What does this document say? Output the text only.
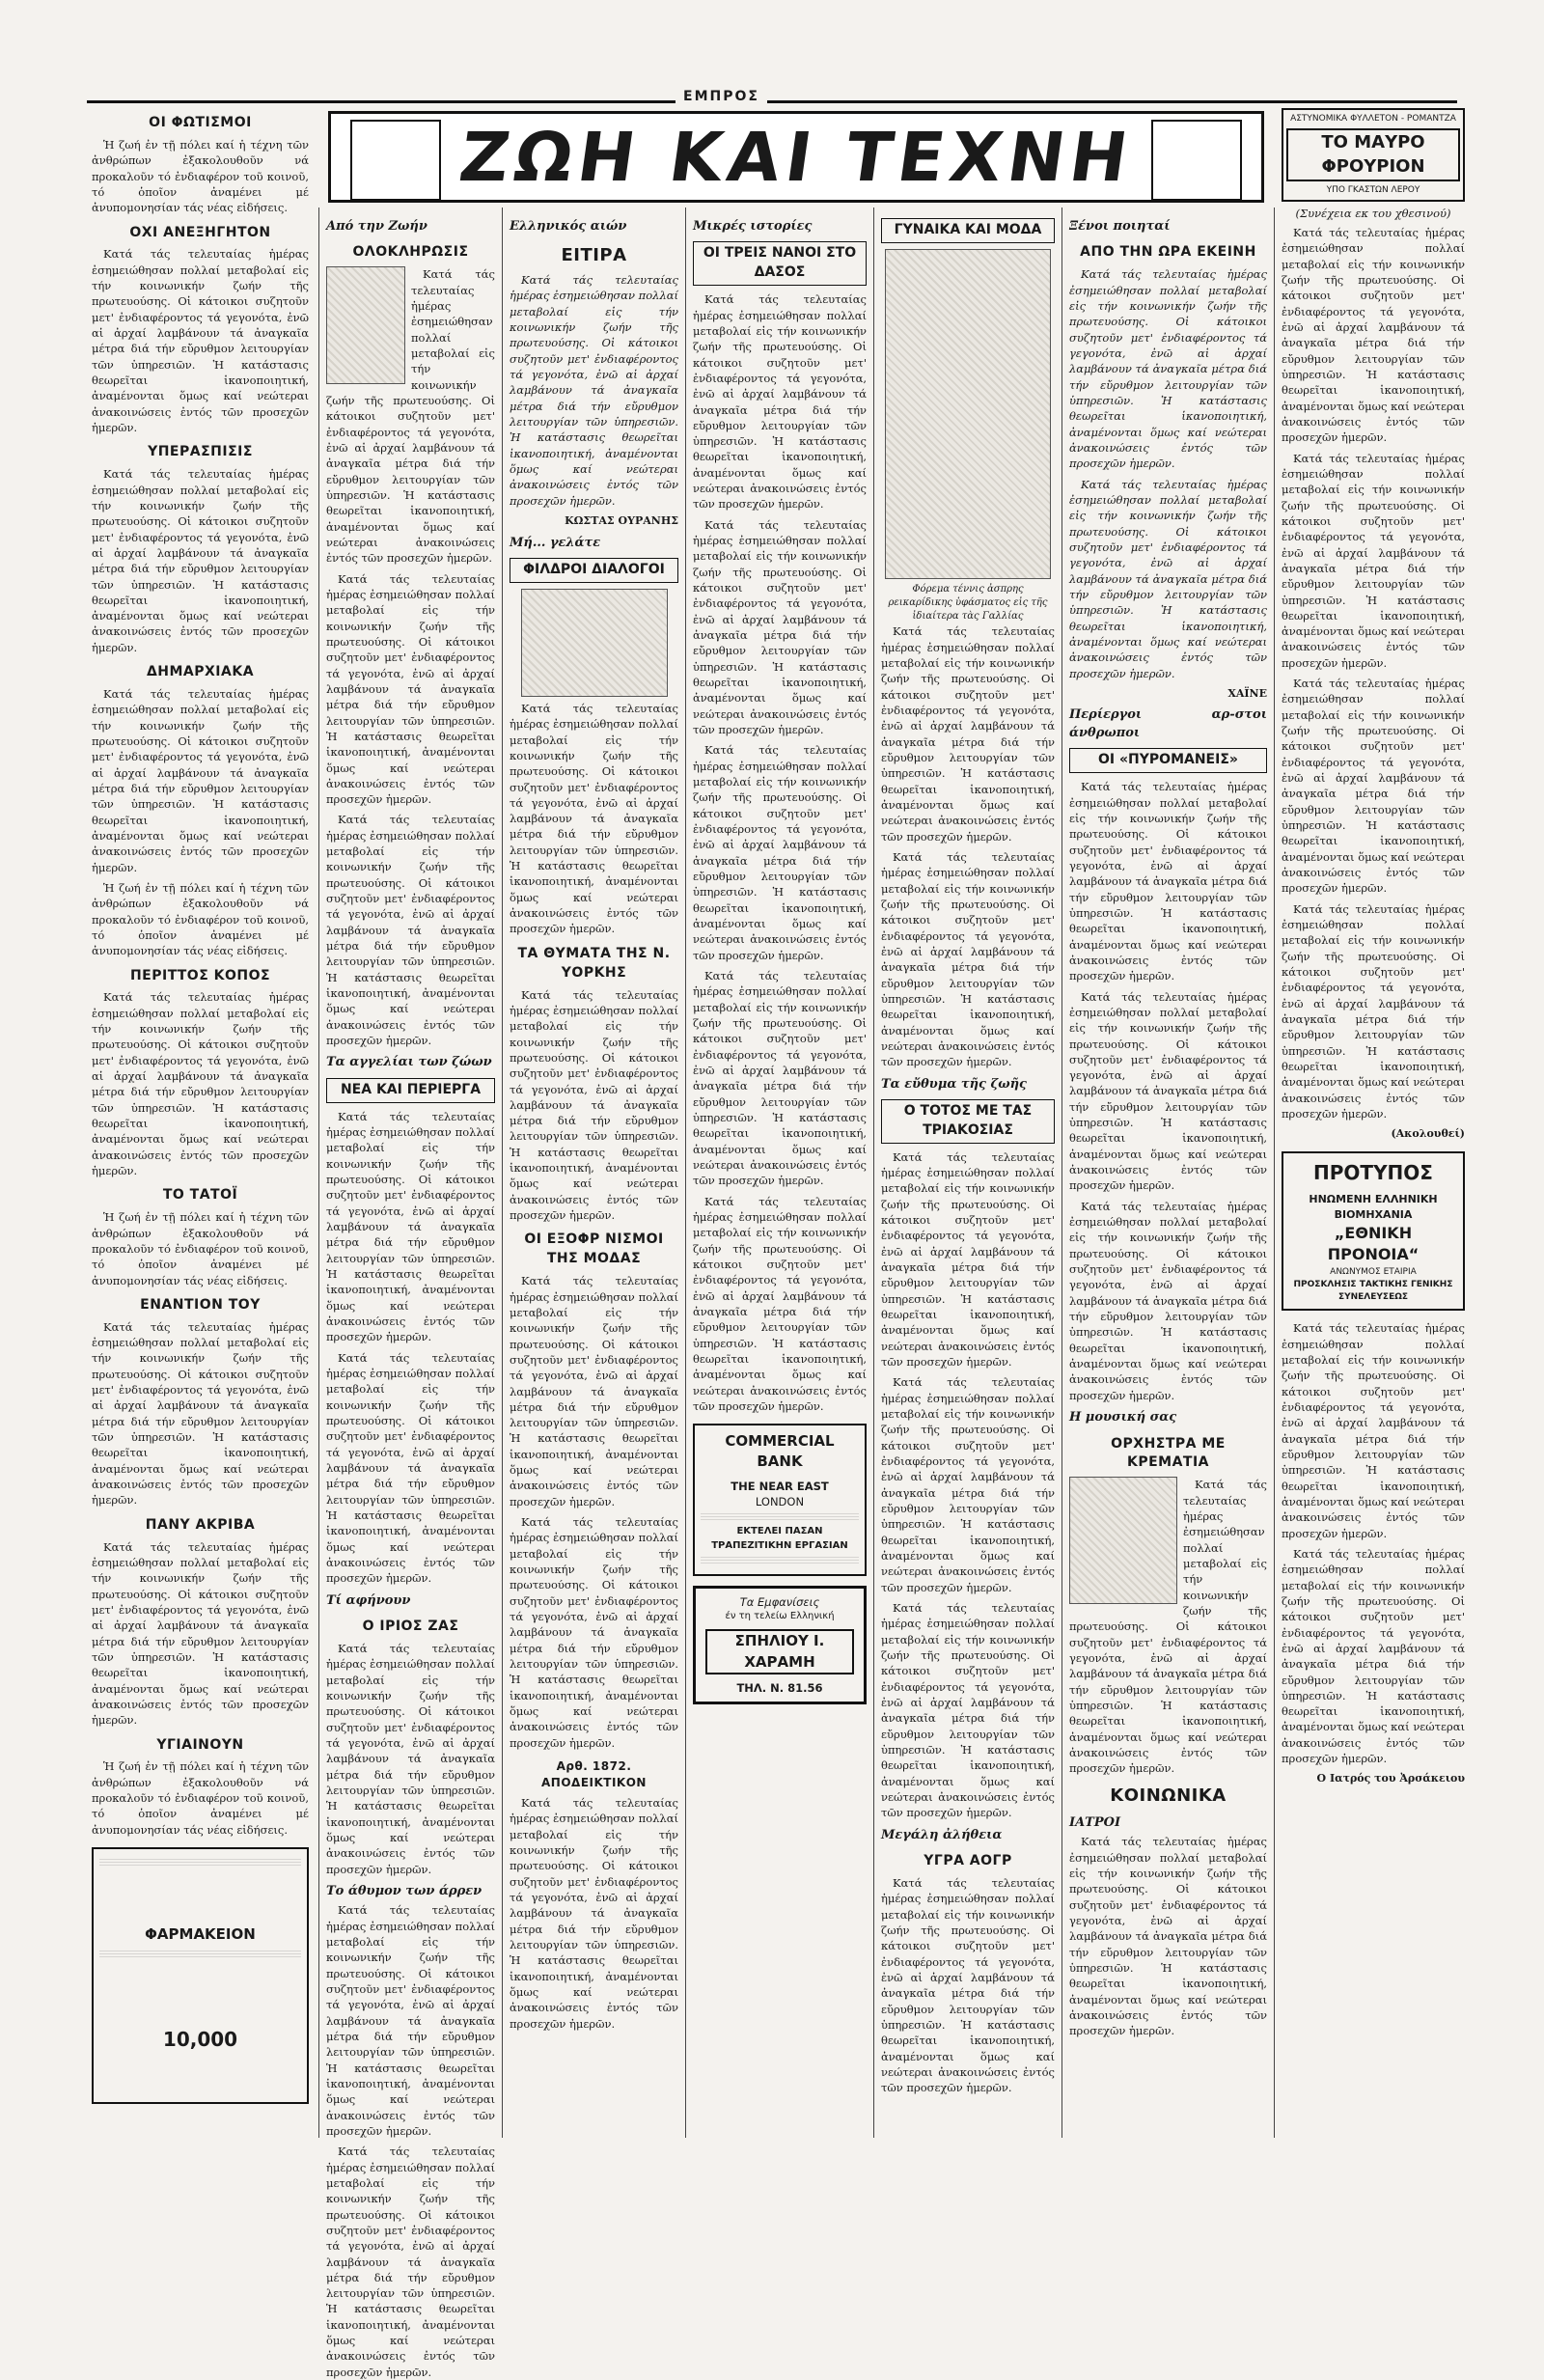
ΕΜΠΡΟΣ
ΖΩΗ ΚΑΙ ΤΕΧΝΗ
ΟΙ ΦΩΤΙΣΜΟΙ

Ἡ ζωή ἐν τῇ πόλει καί ἡ τέχνη τῶν ἀνθρώπων ἐξακολουθοῦν νά προκαλοῦν τό ἐνδιαφέρον τοῦ κοινοῦ, τό ὁποῖον ἀναμένει μέ ἀνυπομονησίαν τάς νέας εἰδήσεις.

ΟΧΙ ΑΝΕΞΗΓΗΤΟΝ

Κατά τάς τελευταίας ἡμέρας ἐσημειώθησαν πολλαί μεταβολαί εἰς τήν κοινωνικήν ζωήν τῆς πρωτευούσης. Οἱ κάτοικοι συζητοῦν μετ' ἐνδιαφέροντος τά γεγονότα, ἐνῶ αἱ ἀρχαί λαμβάνουν τά ἀναγκαῖα μέτρα διά τήν εὔρυθμον λειτουργίαν τῶν ὑπηρεσιῶν. Ἡ κατάστασις θεωρεῖται ἱκανοποιητική, ἀναμένονται ὅμως καί νεώτεραι ἀνακοινώσεις ἐντός τῶν προσεχῶν ἡμερῶν.

ΥΠΕΡΑΣΠΙΣΙΣ

Κατά τάς τελευταίας ἡμέρας ἐσημειώθησαν πολλαί μεταβολαί εἰς τήν κοινωνικήν ζωήν τῆς πρωτευούσης. Οἱ κάτοικοι συζητοῦν μετ' ἐνδιαφέροντος τά γεγονότα, ἐνῶ αἱ ἀρχαί λαμβάνουν τά ἀναγκαῖα μέτρα διά τήν εὔρυθμον λειτουργίαν τῶν ὑπηρεσιῶν. Ἡ κατάστασις θεωρεῖται ἱκανοποιητική, ἀναμένονται ὅμως καί νεώτεραι ἀνακοινώσεις ἐντός τῶν προσεχῶν ἡμερῶν.

ΔΗΜΑΡΧΙΑΚΑ

Κατά τάς τελευταίας ἡμέρας ἐσημειώθησαν πολλαί μεταβολαί εἰς τήν κοινωνικήν ζωήν τῆς πρωτευούσης. Οἱ κάτοικοι συζητοῦν μετ' ἐνδιαφέροντος τά γεγονότα, ἐνῶ αἱ ἀρχαί λαμβάνουν τά ἀναγκαῖα μέτρα διά τήν εὔρυθμον λειτουργίαν τῶν ὑπηρεσιῶν. Ἡ κατάστασις θεωρεῖται ἱκανοποιητική, ἀναμένονται ὅμως καί νεώτεραι ἀνακοινώσεις ἐντός τῶν προσεχῶν ἡμερῶν.

Ἡ ζωή ἐν τῇ πόλει καί ἡ τέχνη τῶν ἀνθρώπων ἐξακολουθοῦν νά προκαλοῦν τό ἐνδιαφέρον τοῦ κοινοῦ, τό ὁποῖον ἀναμένει μέ ἀνυπομονησίαν τάς νέας εἰδήσεις.

ΠΕΡΙΤΤΟΣ ΚΟΠΟΣ

Κατά τάς τελευταίας ἡμέρας ἐσημειώθησαν πολλαί μεταβολαί εἰς τήν κοινωνικήν ζωήν τῆς πρωτευούσης. Οἱ κάτοικοι συζητοῦν μετ' ἐνδιαφέροντος τά γεγονότα, ἐνῶ αἱ ἀρχαί λαμβάνουν τά ἀναγκαῖα μέτρα διά τήν εὔρυθμον λειτουργίαν τῶν ὑπηρεσιῶν. Ἡ κατάστασις θεωρεῖται ἱκανοποιητική, ἀναμένονται ὅμως καί νεώτεραι ἀνακοινώσεις ἐντός τῶν προσεχῶν ἡμερῶν.

ΤΟ ΤΑΤΟΪ

Ἡ ζωή ἐν τῇ πόλει καί ἡ τέχνη τῶν ἀνθρώπων ἐξακολουθοῦν νά προκαλοῦν τό ἐνδιαφέρον τοῦ κοινοῦ, τό ὁποῖον ἀναμένει μέ ἀνυπομονησίαν τάς νέας εἰδήσεις.

ΕΝΑΝΤΙΟΝ ΤΟΥ

Κατά τάς τελευταίας ἡμέρας ἐσημειώθησαν πολλαί μεταβολαί εἰς τήν κοινωνικήν ζωήν τῆς πρωτευούσης. Οἱ κάτοικοι συζητοῦν μετ' ἐνδιαφέροντος τά γεγονότα, ἐνῶ αἱ ἀρχαί λαμβάνουν τά ἀναγκαῖα μέτρα διά τήν εὔρυθμον λειτουργίαν τῶν ὑπηρεσιῶν. Ἡ κατάστασις θεωρεῖται ἱκανοποιητική, ἀναμένονται ὅμως καί νεώτεραι ἀνακοινώσεις ἐντός τῶν προσεχῶν ἡμερῶν.

ΠΑΝΥ ΑΚΡΙΒΑ

Κατά τάς τελευταίας ἡμέρας ἐσημειώθησαν πολλαί μεταβολαί εἰς τήν κοινωνικήν ζωήν τῆς πρωτευούσης. Οἱ κάτοικοι συζητοῦν μετ' ἐνδιαφέροντος τά γεγονότα, ἐνῶ αἱ ἀρχαί λαμβάνουν τά ἀναγκαῖα μέτρα διά τήν εὔρυθμον λειτουργίαν τῶν ὑπηρεσιῶν. Ἡ κατάστασις θεωρεῖται ἱκανοποιητική, ἀναμένονται ὅμως καί νεώτεραι ἀνακοινώσεις ἐντός τῶν προσεχῶν ἡμερῶν.

ΥΓΙΑΙΝΟΥΝ

Ἡ ζωή ἐν τῇ πόλει καί ἡ τέχνη τῶν ἀνθρώπων ἐξακολουθοῦν νά προκαλοῦν τό ἐνδιαφέρον τοῦ κοινοῦ, τό ὁποῖον ἀναμένει μέ ἀνυπομονησίαν τάς νέας εἰδήσεις.

ΦΑΡΜΑΚΕΙΟΝ
10,000
Από την Ζωήν
ΟΛΟΚΛΗΡΩΣΙΣ

Κατά τάς τελευταίας ἡμέρας ἐσημειώθησαν πολλαί μεταβολαί εἰς τήν κοινωνικήν ζωήν τῆς πρωτευούσης. Οἱ κάτοικοι συζητοῦν μετ' ἐνδιαφέροντος τά γεγονότα, ἐνῶ αἱ ἀρχαί λαμβάνουν τά ἀναγκαῖα μέτρα διά τήν εὔρυθμον λειτουργίαν τῶν ὑπηρεσιῶν. Ἡ κατάστασις θεωρεῖται ἱκανοποιητική, ἀναμένονται ὅμως καί νεώτεραι ἀνακοινώσεις ἐντός τῶν προσεχῶν ἡμερῶν.

Κατά τάς τελευταίας ἡμέρας ἐσημειώθησαν πολλαί μεταβολαί εἰς τήν κοινωνικήν ζωήν τῆς πρωτευούσης. Οἱ κάτοικοι συζητοῦν μετ' ἐνδιαφέροντος τά γεγονότα, ἐνῶ αἱ ἀρχαί λαμβάνουν τά ἀναγκαῖα μέτρα διά τήν εὔρυθμον λειτουργίαν τῶν ὑπηρεσιῶν. Ἡ κατάστασις θεωρεῖται ἱκανοποιητική, ἀναμένονται ὅμως καί νεώτεραι ἀνακοινώσεις ἐντός τῶν προσεχῶν ἡμερῶν.

Κατά τάς τελευταίας ἡμέρας ἐσημειώθησαν πολλαί μεταβολαί εἰς τήν κοινωνικήν ζωήν τῆς πρωτευούσης. Οἱ κάτοικοι συζητοῦν μετ' ἐνδιαφέροντος τά γεγονότα, ἐνῶ αἱ ἀρχαί λαμβάνουν τά ἀναγκαῖα μέτρα διά τήν εὔρυθμον λειτουργίαν τῶν ὑπηρεσιῶν. Ἡ κατάστασις θεωρεῖται ἱκανοποιητική, ἀναμένονται ὅμως καί νεώτεραι ἀνακοινώσεις ἐντός τῶν προσεχῶν ἡμερῶν.

Τα αγγελίαι των ζώων
ΝΕΑ ΚΑΙ ΠΕΡΙΕΡΓΑ

Κατά τάς τελευταίας ἡμέρας ἐσημειώθησαν πολλαί μεταβολαί εἰς τήν κοινωνικήν ζωήν τῆς πρωτευούσης. Οἱ κάτοικοι συζητοῦν μετ' ἐνδιαφέροντος τά γεγονότα, ἐνῶ αἱ ἀρχαί λαμβάνουν τά ἀναγκαῖα μέτρα διά τήν εὔρυθμον λειτουργίαν τῶν ὑπηρεσιῶν. Ἡ κατάστασις θεωρεῖται ἱκανοποιητική, ἀναμένονται ὅμως καί νεώτεραι ἀνακοινώσεις ἐντός τῶν προσεχῶν ἡμερῶν.

Κατά τάς τελευταίας ἡμέρας ἐσημειώθησαν πολλαί μεταβολαί εἰς τήν κοινωνικήν ζωήν τῆς πρωτευούσης. Οἱ κάτοικοι συζητοῦν μετ' ἐνδιαφέροντος τά γεγονότα, ἐνῶ αἱ ἀρχαί λαμβάνουν τά ἀναγκαῖα μέτρα διά τήν εὔρυθμον λειτουργίαν τῶν ὑπηρεσιῶν. Ἡ κατάστασις θεωρεῖται ἱκανοποιητική, ἀναμένονται ὅμως καί νεώτεραι ἀνακοινώσεις ἐντός τῶν προσεχῶν ἡμερῶν.

Τί αφήνουν
Ο ΙΡΙΟΣ ΖΑΣ

Κατά τάς τελευταίας ἡμέρας ἐσημειώθησαν πολλαί μεταβολαί εἰς τήν κοινωνικήν ζωήν τῆς πρωτευούσης. Οἱ κάτοικοι συζητοῦν μετ' ἐνδιαφέροντος τά γεγονότα, ἐνῶ αἱ ἀρχαί λαμβάνουν τά ἀναγκαῖα μέτρα διά τήν εὔρυθμον λειτουργίαν τῶν ὑπηρεσιῶν. Ἡ κατάστασις θεωρεῖται ἱκανοποιητική, ἀναμένονται ὅμως καί νεώτεραι ἀνακοινώσεις ἐντός τῶν προσεχῶν ἡμερῶν.

Το άθυμον των άρρεν

Κατά τάς τελευταίας ἡμέρας ἐσημειώθησαν πολλαί μεταβολαί εἰς τήν κοινωνικήν ζωήν τῆς πρωτευούσης. Οἱ κάτοικοι συζητοῦν μετ' ἐνδιαφέροντος τά γεγονότα, ἐνῶ αἱ ἀρχαί λαμβάνουν τά ἀναγκαῖα μέτρα διά τήν εὔρυθμον λειτουργίαν τῶν ὑπηρεσιῶν. Ἡ κατάστασις θεωρεῖται ἱκανοποιητική, ἀναμένονται ὅμως καί νεώτεραι ἀνακοινώσεις ἐντός τῶν προσεχῶν ἡμερῶν.

Κατά τάς τελευταίας ἡμέρας ἐσημειώθησαν πολλαί μεταβολαί εἰς τήν κοινωνικήν ζωήν τῆς πρωτευούσης. Οἱ κάτοικοι συζητοῦν μετ' ἐνδιαφέροντος τά γεγονότα, ἐνῶ αἱ ἀρχαί λαμβάνουν τά ἀναγκαῖα μέτρα διά τήν εὔρυθμον λειτουργίαν τῶν ὑπηρεσιῶν. Ἡ κατάστασις θεωρεῖται ἱκανοποιητική, ἀναμένονται ὅμως καί νεώτεραι ἀνακοινώσεις ἐντός τῶν προσεχῶν ἡμερῶν.

Ελληνικός αιών
ΕΙΤΙΡΑ

Κατά τάς τελευταίας ἡμέρας ἐσημειώθησαν πολλαί μεταβολαί εἰς τήν κοινωνικήν ζωήν τῆς πρωτευούσης. Οἱ κάτοικοι συζητοῦν μετ' ἐνδιαφέροντος τά γεγονότα, ἐνῶ αἱ ἀρχαί λαμβάνουν τά ἀναγκαῖα μέτρα διά τήν εὔρυθμον λειτουργίαν τῶν ὑπηρεσιῶν. Ἡ κατάστασις θεωρεῖται ἱκανοποιητική, ἀναμένονται ὅμως καί νεώτεραι ἀνακοινώσεις ἐντός τῶν προσεχῶν ἡμερῶν.

ΚΩΣΤΑΣ ΟΥΡΑΝΗΣ
Μή... γελάτε
ΦΙΛΔΡΟΙ ΔΙΑΛΟΓΟΙ

Κατά τάς τελευταίας ἡμέρας ἐσημειώθησαν πολλαί μεταβολαί εἰς τήν κοινωνικήν ζωήν τῆς πρωτευούσης. Οἱ κάτοικοι συζητοῦν μετ' ἐνδιαφέροντος τά γεγονότα, ἐνῶ αἱ ἀρχαί λαμβάνουν τά ἀναγκαῖα μέτρα διά τήν εὔρυθμον λειτουργίαν τῶν ὑπηρεσιῶν. Ἡ κατάστασις θεωρεῖται ἱκανοποιητική, ἀναμένονται ὅμως καί νεώτεραι ἀνακοινώσεις ἐντός τῶν προσεχῶν ἡμερῶν.

ΤΑ ΘΥΜΑΤΑ ΤΗΣ Ν. ΥΟΡΚΗΣ

Κατά τάς τελευταίας ἡμέρας ἐσημειώθησαν πολλαί μεταβολαί εἰς τήν κοινωνικήν ζωήν τῆς πρωτευούσης. Οἱ κάτοικοι συζητοῦν μετ' ἐνδιαφέροντος τά γεγονότα, ἐνῶ αἱ ἀρχαί λαμβάνουν τά ἀναγκαῖα μέτρα διά τήν εὔρυθμον λειτουργίαν τῶν ὑπηρεσιῶν. Ἡ κατάστασις θεωρεῖται ἱκανοποιητική, ἀναμένονται ὅμως καί νεώτεραι ἀνακοινώσεις ἐντός τῶν προσεχῶν ἡμερῶν.

ΟΙ ΕΞΟΦΡ ΝΙΣΜΟΙ ΤΗΣ ΜΟΔΑΣ

Κατά τάς τελευταίας ἡμέρας ἐσημειώθησαν πολλαί μεταβολαί εἰς τήν κοινωνικήν ζωήν τῆς πρωτευούσης. Οἱ κάτοικοι συζητοῦν μετ' ἐνδιαφέροντος τά γεγονότα, ἐνῶ αἱ ἀρχαί λαμβάνουν τά ἀναγκαῖα μέτρα διά τήν εὔρυθμον λειτουργίαν τῶν ὑπηρεσιῶν. Ἡ κατάστασις θεωρεῖται ἱκανοποιητική, ἀναμένονται ὅμως καί νεώτεραι ἀνακοινώσεις ἐντός τῶν προσεχῶν ἡμερῶν.

Κατά τάς τελευταίας ἡμέρας ἐσημειώθησαν πολλαί μεταβολαί εἰς τήν κοινωνικήν ζωήν τῆς πρωτευούσης. Οἱ κάτοικοι συζητοῦν μετ' ἐνδιαφέροντος τά γεγονότα, ἐνῶ αἱ ἀρχαί λαμβάνουν τά ἀναγκαῖα μέτρα διά τήν εὔρυθμον λειτουργίαν τῶν ὑπηρεσιῶν. Ἡ κατάστασις θεωρεῖται ἱκανοποιητική, ἀναμένονται ὅμως καί νεώτεραι ἀνακοινώσεις ἐντός τῶν προσεχῶν ἡμερῶν.

Αρθ. 1872. ΑΠΟΔΕΙΚΤΙΚΟΝ

Κατά τάς τελευταίας ἡμέρας ἐσημειώθησαν πολλαί μεταβολαί εἰς τήν κοινωνικήν ζωήν τῆς πρωτευούσης. Οἱ κάτοικοι συζητοῦν μετ' ἐνδιαφέροντος τά γεγονότα, ἐνῶ αἱ ἀρχαί λαμβάνουν τά ἀναγκαῖα μέτρα διά τήν εὔρυθμον λειτουργίαν τῶν ὑπηρεσιῶν. Ἡ κατάστασις θεωρεῖται ἱκανοποιητική, ἀναμένονται ὅμως καί νεώτεραι ἀνακοινώσεις ἐντός τῶν προσεχῶν ἡμερῶν.

Μικρές ιστορίες
ΟΙ ΤΡΕΙΣ ΝΑΝΟΙ ΣΤΟ ΔΑΣΟΣ

Κατά τάς τελευταίας ἡμέρας ἐσημειώθησαν πολλαί μεταβολαί εἰς τήν κοινωνικήν ζωήν τῆς πρωτευούσης. Οἱ κάτοικοι συζητοῦν μετ' ἐνδιαφέροντος τά γεγονότα, ἐνῶ αἱ ἀρχαί λαμβάνουν τά ἀναγκαῖα μέτρα διά τήν εὔρυθμον λειτουργίαν τῶν ὑπηρεσιῶν. Ἡ κατάστασις θεωρεῖται ἱκανοποιητική, ἀναμένονται ὅμως καί νεώτεραι ἀνακοινώσεις ἐντός τῶν προσεχῶν ἡμερῶν.

Κατά τάς τελευταίας ἡμέρας ἐσημειώθησαν πολλαί μεταβολαί εἰς τήν κοινωνικήν ζωήν τῆς πρωτευούσης. Οἱ κάτοικοι συζητοῦν μετ' ἐνδιαφέροντος τά γεγονότα, ἐνῶ αἱ ἀρχαί λαμβάνουν τά ἀναγκαῖα μέτρα διά τήν εὔρυθμον λειτουργίαν τῶν ὑπηρεσιῶν. Ἡ κατάστασις θεωρεῖται ἱκανοποιητική, ἀναμένονται ὅμως καί νεώτεραι ἀνακοινώσεις ἐντός τῶν προσεχῶν ἡμερῶν.

Κατά τάς τελευταίας ἡμέρας ἐσημειώθησαν πολλαί μεταβολαί εἰς τήν κοινωνικήν ζωήν τῆς πρωτευούσης. Οἱ κάτοικοι συζητοῦν μετ' ἐνδιαφέροντος τά γεγονότα, ἐνῶ αἱ ἀρχαί λαμβάνουν τά ἀναγκαῖα μέτρα διά τήν εὔρυθμον λειτουργίαν τῶν ὑπηρεσιῶν. Ἡ κατάστασις θεωρεῖται ἱκανοποιητική, ἀναμένονται ὅμως καί νεώτεραι ἀνακοινώσεις ἐντός τῶν προσεχῶν ἡμερῶν.

Κατά τάς τελευταίας ἡμέρας ἐσημειώθησαν πολλαί μεταβολαί εἰς τήν κοινωνικήν ζωήν τῆς πρωτευούσης. Οἱ κάτοικοι συζητοῦν μετ' ἐνδιαφέροντος τά γεγονότα, ἐνῶ αἱ ἀρχαί λαμβάνουν τά ἀναγκαῖα μέτρα διά τήν εὔρυθμον λειτουργίαν τῶν ὑπηρεσιῶν. Ἡ κατάστασις θεωρεῖται ἱκανοποιητική, ἀναμένονται ὅμως καί νεώτεραι ἀνακοινώσεις ἐντός τῶν προσεχῶν ἡμερῶν.

Κατά τάς τελευταίας ἡμέρας ἐσημειώθησαν πολλαί μεταβολαί εἰς τήν κοινωνικήν ζωήν τῆς πρωτευούσης. Οἱ κάτοικοι συζητοῦν μετ' ἐνδιαφέροντος τά γεγονότα, ἐνῶ αἱ ἀρχαί λαμβάνουν τά ἀναγκαῖα μέτρα διά τήν εὔρυθμον λειτουργίαν τῶν ὑπηρεσιῶν. Ἡ κατάστασις θεωρεῖται ἱκανοποιητική, ἀναμένονται ὅμως καί νεώτεραι ἀνακοινώσεις ἐντός τῶν προσεχῶν ἡμερῶν.

COMMERCIAL BANK
THE NEAR EAST
LONDON
ΕΚΤΕΛΕΙ ΠΑΣΑΝ ΤΡΑΠΕΖΙΤΙΚΗΝ ΕΡΓΑΣΙΑΝ
Τα Εμφανίσεις
έν τη τελείω Ελληνική
ΣΠΗΛΙΟΥ Ι. ΧΑΡΑΜΗ
ΤΗΛ. Ν. 81.56
ΓΥΝΑΙΚΑ ΚΑΙ ΜΟΔΑ
Φόρεμα τέννις ἀσπρης ρεικαρίδικης ὑφάσματος εἰς τῆς ἰδιαίτερα τὰς Γαλλίας

Κατά τάς τελευταίας ἡμέρας ἐσημειώθησαν πολλαί μεταβολαί εἰς τήν κοινωνικήν ζωήν τῆς πρωτευούσης. Οἱ κάτοικοι συζητοῦν μετ' ἐνδιαφέροντος τά γεγονότα, ἐνῶ αἱ ἀρχαί λαμβάνουν τά ἀναγκαῖα μέτρα διά τήν εὔρυθμον λειτουργίαν τῶν ὑπηρεσιῶν. Ἡ κατάστασις θεωρεῖται ἱκανοποιητική, ἀναμένονται ὅμως καί νεώτεραι ἀνακοινώσεις ἐντός τῶν προσεχῶν ἡμερῶν.

Κατά τάς τελευταίας ἡμέρας ἐσημειώθησαν πολλαί μεταβολαί εἰς τήν κοινωνικήν ζωήν τῆς πρωτευούσης. Οἱ κάτοικοι συζητοῦν μετ' ἐνδιαφέροντος τά γεγονότα, ἐνῶ αἱ ἀρχαί λαμβάνουν τά ἀναγκαῖα μέτρα διά τήν εὔρυθμον λειτουργίαν τῶν ὑπηρεσιῶν. Ἡ κατάστασις θεωρεῖται ἱκανοποιητική, ἀναμένονται ὅμως καί νεώτεραι ἀνακοινώσεις ἐντός τῶν προσεχῶν ἡμερῶν.

Τα εὔθυμα τῆς ζωῆς
Ο ΤΟΤΟΣ ΜΕ ΤΑΣ ΤΡΙΑΚΟΣΙΑΣ

Κατά τάς τελευταίας ἡμέρας ἐσημειώθησαν πολλαί μεταβολαί εἰς τήν κοινωνικήν ζωήν τῆς πρωτευούσης. Οἱ κάτοικοι συζητοῦν μετ' ἐνδιαφέροντος τά γεγονότα, ἐνῶ αἱ ἀρχαί λαμβάνουν τά ἀναγκαῖα μέτρα διά τήν εὔρυθμον λειτουργίαν τῶν ὑπηρεσιῶν. Ἡ κατάστασις θεωρεῖται ἱκανοποιητική, ἀναμένονται ὅμως καί νεώτεραι ἀνακοινώσεις ἐντός τῶν προσεχῶν ἡμερῶν.

Κατά τάς τελευταίας ἡμέρας ἐσημειώθησαν πολλαί μεταβολαί εἰς τήν κοινωνικήν ζωήν τῆς πρωτευούσης. Οἱ κάτοικοι συζητοῦν μετ' ἐνδιαφέροντος τά γεγονότα, ἐνῶ αἱ ἀρχαί λαμβάνουν τά ἀναγκαῖα μέτρα διά τήν εὔρυθμον λειτουργίαν τῶν ὑπηρεσιῶν. Ἡ κατάστασις θεωρεῖται ἱκανοποιητική, ἀναμένονται ὅμως καί νεώτεραι ἀνακοινώσεις ἐντός τῶν προσεχῶν ἡμερῶν.

Κατά τάς τελευταίας ἡμέρας ἐσημειώθησαν πολλαί μεταβολαί εἰς τήν κοινωνικήν ζωήν τῆς πρωτευούσης. Οἱ κάτοικοι συζητοῦν μετ' ἐνδιαφέροντος τά γεγονότα, ἐνῶ αἱ ἀρχαί λαμβάνουν τά ἀναγκαῖα μέτρα διά τήν εὔρυθμον λειτουργίαν τῶν ὑπηρεσιῶν. Ἡ κατάστασις θεωρεῖται ἱκανοποιητική, ἀναμένονται ὅμως καί νεώτεραι ἀνακοινώσεις ἐντός τῶν προσεχῶν ἡμερῶν.

Μεγάλη ἀλήθεια
ΥΓΡΑ ΑΟΓΡ

Κατά τάς τελευταίας ἡμέρας ἐσημειώθησαν πολλαί μεταβολαί εἰς τήν κοινωνικήν ζωήν τῆς πρωτευούσης. Οἱ κάτοικοι συζητοῦν μετ' ἐνδιαφέροντος τά γεγονότα, ἐνῶ αἱ ἀρχαί λαμβάνουν τά ἀναγκαῖα μέτρα διά τήν εὔρυθμον λειτουργίαν τῶν ὑπηρεσιῶν. Ἡ κατάστασις θεωρεῖται ἱκανοποιητική, ἀναμένονται ὅμως καί νεώτεραι ἀνακοινώσεις ἐντός τῶν προσεχῶν ἡμερῶν.

Ξένοι ποιηταί
ΑΠΟ ΤΗΝ ΩΡΑ ΕΚΕΙΝΗ

Κατά τάς τελευταίας ἡμέρας ἐσημειώθησαν πολλαί μεταβολαί εἰς τήν κοινωνικήν ζωήν τῆς πρωτευούσης. Οἱ κάτοικοι συζητοῦν μετ' ἐνδιαφέροντος τά γεγονότα, ἐνῶ αἱ ἀρχαί λαμβάνουν τά ἀναγκαῖα μέτρα διά τήν εὔρυθμον λειτουργίαν τῶν ὑπηρεσιῶν. Ἡ κατάστασις θεωρεῖται ἱκανοποιητική, ἀναμένονται ὅμως καί νεώτεραι ἀνακοινώσεις ἐντός τῶν προσεχῶν ἡμερῶν.

Κατά τάς τελευταίας ἡμέρας ἐσημειώθησαν πολλαί μεταβολαί εἰς τήν κοινωνικήν ζωήν τῆς πρωτευούσης. Οἱ κάτοικοι συζητοῦν μετ' ἐνδιαφέροντος τά γεγονότα, ἐνῶ αἱ ἀρχαί λαμβάνουν τά ἀναγκαῖα μέτρα διά τήν εὔρυθμον λειτουργίαν τῶν ὑπηρεσιῶν. Ἡ κατάστασις θεωρεῖται ἱκανοποιητική, ἀναμένονται ὅμως καί νεώτεραι ἀνακοινώσεις ἐντός τῶν προσεχῶν ἡμερῶν.

ΧΑΪΝΕ
Περίεργοι αρ-στοι άνθρωποι
ΟΙ «ΠΥΡΟΜΑΝΕΙΣ»

Κατά τάς τελευταίας ἡμέρας ἐσημειώθησαν πολλαί μεταβολαί εἰς τήν κοινωνικήν ζωήν τῆς πρωτευούσης. Οἱ κάτοικοι συζητοῦν μετ' ἐνδιαφέροντος τά γεγονότα, ἐνῶ αἱ ἀρχαί λαμβάνουν τά ἀναγκαῖα μέτρα διά τήν εὔρυθμον λειτουργίαν τῶν ὑπηρεσιῶν. Ἡ κατάστασις θεωρεῖται ἱκανοποιητική, ἀναμένονται ὅμως καί νεώτεραι ἀνακοινώσεις ἐντός τῶν προσεχῶν ἡμερῶν.

Κατά τάς τελευταίας ἡμέρας ἐσημειώθησαν πολλαί μεταβολαί εἰς τήν κοινωνικήν ζωήν τῆς πρωτευούσης. Οἱ κάτοικοι συζητοῦν μετ' ἐνδιαφέροντος τά γεγονότα, ἐνῶ αἱ ἀρχαί λαμβάνουν τά ἀναγκαῖα μέτρα διά τήν εὔρυθμον λειτουργίαν τῶν ὑπηρεσιῶν. Ἡ κατάστασις θεωρεῖται ἱκανοποιητική, ἀναμένονται ὅμως καί νεώτεραι ἀνακοινώσεις ἐντός τῶν προσεχῶν ἡμερῶν.

Κατά τάς τελευταίας ἡμέρας ἐσημειώθησαν πολλαί μεταβολαί εἰς τήν κοινωνικήν ζωήν τῆς πρωτευούσης. Οἱ κάτοικοι συζητοῦν μετ' ἐνδιαφέροντος τά γεγονότα, ἐνῶ αἱ ἀρχαί λαμβάνουν τά ἀναγκαῖα μέτρα διά τήν εὔρυθμον λειτουργίαν τῶν ὑπηρεσιῶν. Ἡ κατάστασις θεωρεῖται ἱκανοποιητική, ἀναμένονται ὅμως καί νεώτεραι ἀνακοινώσεις ἐντός τῶν προσεχῶν ἡμερῶν.

Η μουσική σας
ΟΡΧΗΣΤΡΑ ΜΕ ΚΡΕΜΑΤΙΑ

Κατά τάς τελευταίας ἡμέρας ἐσημειώθησαν πολλαί μεταβολαί εἰς τήν κοινωνικήν ζωήν τῆς πρωτευούσης. Οἱ κάτοικοι συζητοῦν μετ' ἐνδιαφέροντος τά γεγονότα, ἐνῶ αἱ ἀρχαί λαμβάνουν τά ἀναγκαῖα μέτρα διά τήν εὔρυθμον λειτουργίαν τῶν ὑπηρεσιῶν. Ἡ κατάστασις θεωρεῖται ἱκανοποιητική, ἀναμένονται ὅμως καί νεώτεραι ἀνακοινώσεις ἐντός τῶν προσεχῶν ἡμερῶν.

ΚΟΙΝΩΝΙΚΑ
ΙΑΤΡΟΙ

Κατά τάς τελευταίας ἡμέρας ἐσημειώθησαν πολλαί μεταβολαί εἰς τήν κοινωνικήν ζωήν τῆς πρωτευούσης. Οἱ κάτοικοι συζητοῦν μετ' ἐνδιαφέροντος τά γεγονότα, ἐνῶ αἱ ἀρχαί λαμβάνουν τά ἀναγκαῖα μέτρα διά τήν εὔρυθμον λειτουργίαν τῶν ὑπηρεσιῶν. Ἡ κατάστασις θεωρεῖται ἱκανοποιητική, ἀναμένονται ὅμως καί νεώτεραι ἀνακοινώσεις ἐντός τῶν προσεχῶν ἡμερῶν.

ΑΣΤΥΝΟΜΙΚΑ ΦΥΛΛΕΤΟΝ - ΡΟΜΑΝΤΖΑ
ΤΟ ΜΑΥΡΟ ΦΡΟΥΡΙΟΝ
ΥΠΟ ΓΚΑΣΤΩΝ ΛΕΡΟΥ
(Συνέχεια εκ του χθεσινού)

Κατά τάς τελευταίας ἡμέρας ἐσημειώθησαν πολλαί μεταβολαί εἰς τήν κοινωνικήν ζωήν τῆς πρωτευούσης. Οἱ κάτοικοι συζητοῦν μετ' ἐνδιαφέροντος τά γεγονότα, ἐνῶ αἱ ἀρχαί λαμβάνουν τά ἀναγκαῖα μέτρα διά τήν εὔρυθμον λειτουργίαν τῶν ὑπηρεσιῶν. Ἡ κατάστασις θεωρεῖται ἱκανοποιητική, ἀναμένονται ὅμως καί νεώτεραι ἀνακοινώσεις ἐντός τῶν προσεχῶν ἡμερῶν.

Κατά τάς τελευταίας ἡμέρας ἐσημειώθησαν πολλαί μεταβολαί εἰς τήν κοινωνικήν ζωήν τῆς πρωτευούσης. Οἱ κάτοικοι συζητοῦν μετ' ἐνδιαφέροντος τά γεγονότα, ἐνῶ αἱ ἀρχαί λαμβάνουν τά ἀναγκαῖα μέτρα διά τήν εὔρυθμον λειτουργίαν τῶν ὑπηρεσιῶν. Ἡ κατάστασις θεωρεῖται ἱκανοποιητική, ἀναμένονται ὅμως καί νεώτεραι ἀνακοινώσεις ἐντός τῶν προσεχῶν ἡμερῶν.

Κατά τάς τελευταίας ἡμέρας ἐσημειώθησαν πολλαί μεταβολαί εἰς τήν κοινωνικήν ζωήν τῆς πρωτευούσης. Οἱ κάτοικοι συζητοῦν μετ' ἐνδιαφέροντος τά γεγονότα, ἐνῶ αἱ ἀρχαί λαμβάνουν τά ἀναγκαῖα μέτρα διά τήν εὔρυθμον λειτουργίαν τῶν ὑπηρεσιῶν. Ἡ κατάστασις θεωρεῖται ἱκανοποιητική, ἀναμένονται ὅμως καί νεώτεραι ἀνακοινώσεις ἐντός τῶν προσεχῶν ἡμερῶν.

Κατά τάς τελευταίας ἡμέρας ἐσημειώθησαν πολλαί μεταβολαί εἰς τήν κοινωνικήν ζωήν τῆς πρωτευούσης. Οἱ κάτοικοι συζητοῦν μετ' ἐνδιαφέροντος τά γεγονότα, ἐνῶ αἱ ἀρχαί λαμβάνουν τά ἀναγκαῖα μέτρα διά τήν εὔρυθμον λειτουργίαν τῶν ὑπηρεσιῶν. Ἡ κατάστασις θεωρεῖται ἱκανοποιητική, ἀναμένονται ὅμως καί νεώτεραι ἀνακοινώσεις ἐντός τῶν προσεχῶν ἡμερῶν.

(Ακολουθεί)
ΠΡΟΤΥΠΟΣ
ΗΝΩΜΕΝΗ ΕΛΛΗΝΙΚΗ ΒΙΟΜΗΧΑΝΙΑ
„ΕΘΝΙΚΗ ΠΡΟΝΟΙΑ“
ΑΝΩΝΥΜΟΣ ΕΤΑΙΡΙΑ
ΠΡΟΣΚΛΗΣΙΣ ΤΑΚΤΙΚΗΣ ΓΕΝΙΚΗΣ ΣΥΝΕΛΕΥΣΕΩΣ

Κατά τάς τελευταίας ἡμέρας ἐσημειώθησαν πολλαί μεταβολαί εἰς τήν κοινωνικήν ζωήν τῆς πρωτευούσης. Οἱ κάτοικοι συζητοῦν μετ' ἐνδιαφέροντος τά γεγονότα, ἐνῶ αἱ ἀρχαί λαμβάνουν τά ἀναγκαῖα μέτρα διά τήν εὔρυθμον λειτουργίαν τῶν ὑπηρεσιῶν. Ἡ κατάστασις θεωρεῖται ἱκανοποιητική, ἀναμένονται ὅμως καί νεώτεραι ἀνακοινώσεις ἐντός τῶν προσεχῶν ἡμερῶν.

Κατά τάς τελευταίας ἡμέρας ἐσημειώθησαν πολλαί μεταβολαί εἰς τήν κοινωνικήν ζωήν τῆς πρωτευούσης. Οἱ κάτοικοι συζητοῦν μετ' ἐνδιαφέροντος τά γεγονότα, ἐνῶ αἱ ἀρχαί λαμβάνουν τά ἀναγκαῖα μέτρα διά τήν εὔρυθμον λειτουργίαν τῶν ὑπηρεσιῶν. Ἡ κατάστασις θεωρεῖται ἱκανοποιητική, ἀναμένονται ὅμως καί νεώτεραι ἀνακοινώσεις ἐντός τῶν προσεχῶν ἡμερῶν.

Ο Ιατρός του Ἀρσάκειου
